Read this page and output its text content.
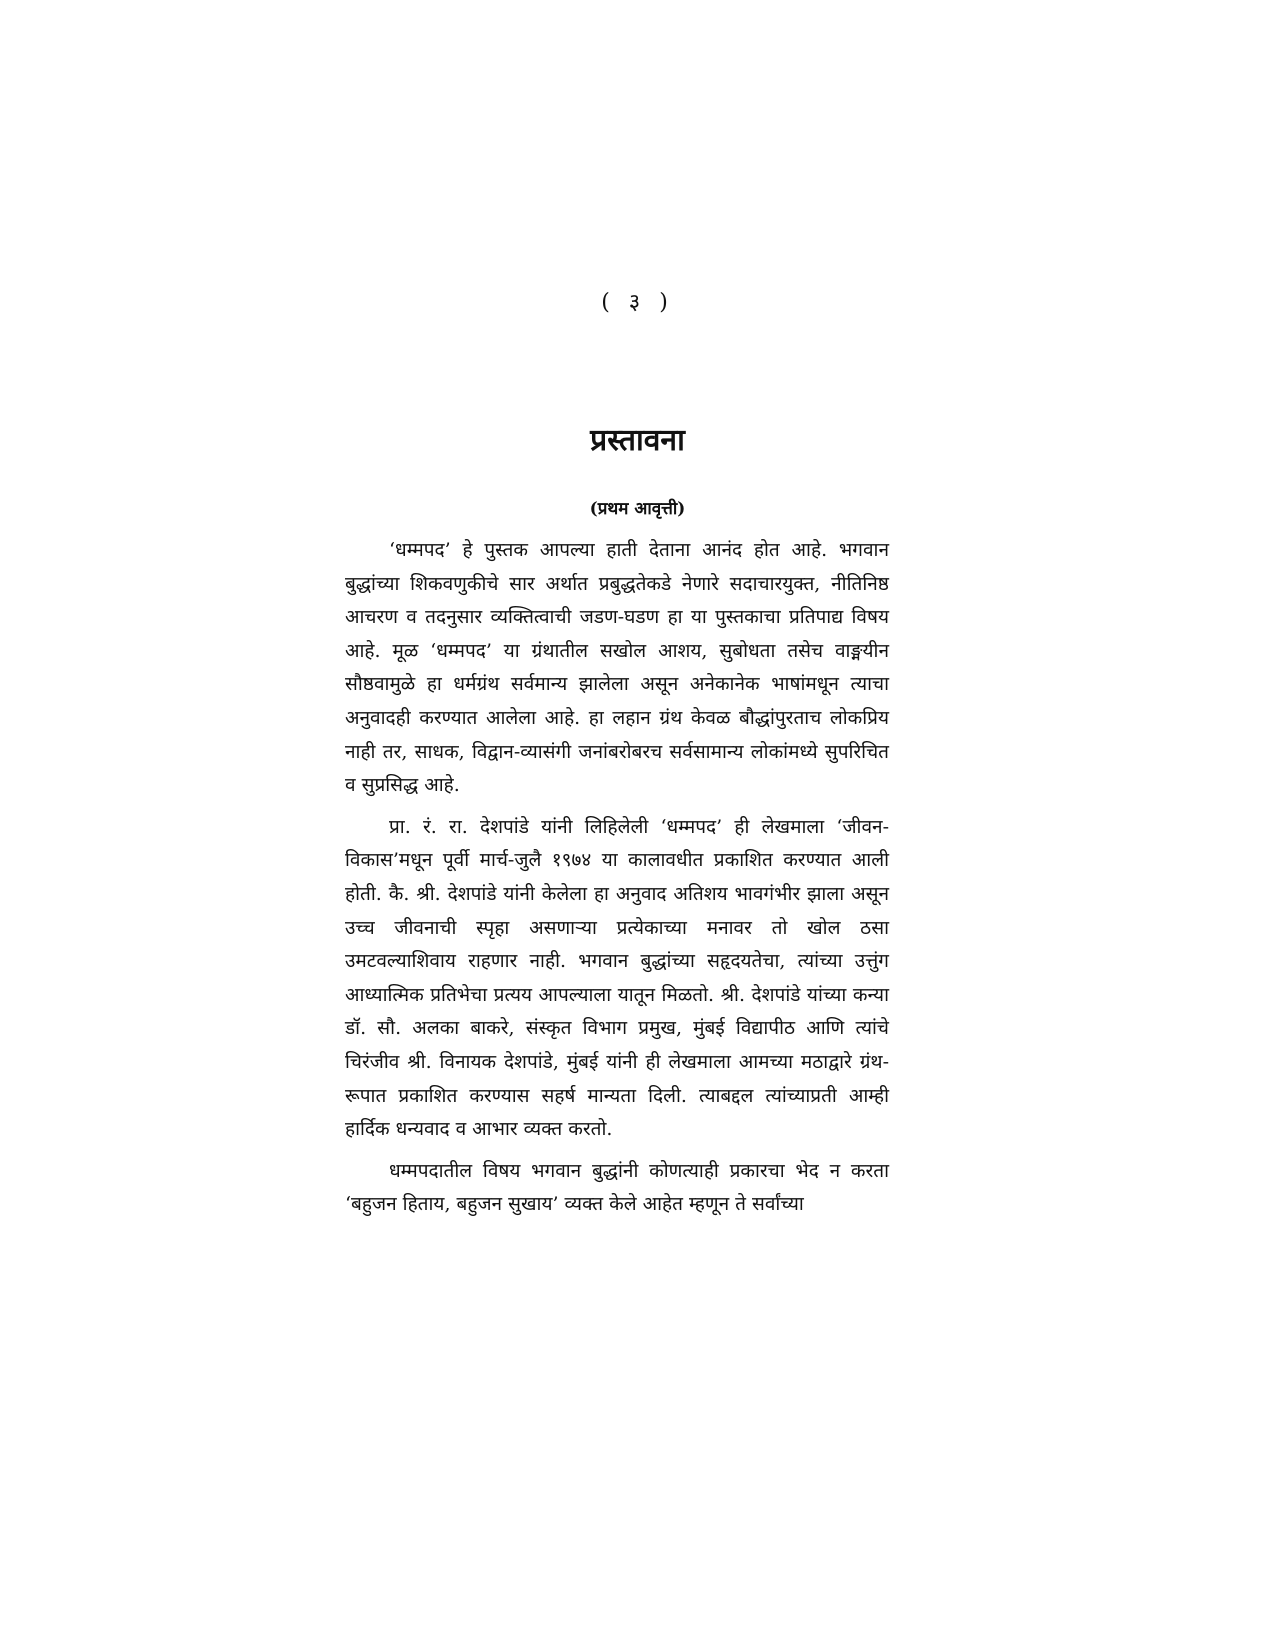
( ३ )
प्रस्तावना
(प्रथम आवृत्ती)

‘धम्मपद’ हे पुस्तक आपल्या हाती देताना आनंद होत आहे. भगवान बुद्धांच्या शिकवणुकीचे सार अर्थात प्रबुद्धतेकडे नेणारे सदाचारयुक्त, नीतिनिष्ठ आचरण व तदनुसार व्यक्तित्वाची जडण-घडण हा या पुस्तकाचा प्रतिपाद्य विषय आहे. मूळ ‘धम्मपद’ या ग्रंथातील सखोल आशय, सुबोधता तसेच वाङ्मयीन सौष्ठवामुळे हा धर्मग्रंथ सर्वमान्य झालेला असून अनेकानेक भाषांमधून त्याचा अनुवादही करण्यात आलेला आहे. हा लहान ग्रंथ केवळ बौद्धांपुरताच लोकप्रिय नाही तर, साधक, विद्वान-व्यासंगी जनांबरोबरच सर्वसामान्य लोकांमध्ये सुपरिचित व सुप्रसिद्ध आहे.

प्रा. रं. रा. देशपांडे यांनी लिहिलेली ‘धम्मपद’ ही लेखमाला ‘जीवन-विकास’मधून पूर्वी मार्च-जुलै १९७४ या कालावधीत प्रकाशित करण्यात आली होती. कै. श्री. देशपांडे यांनी केलेला हा अनुवाद अतिशय भावगंभीर झाला असून उच्च जीवनाची स्पृहा असणाऱ्या प्रत्येकाच्या मनावर तो खोल ठसा उमटवल्याशिवाय राहणार नाही. भगवान बुद्धांच्या सहृदयतेचा, त्यांच्या उत्तुंग आध्यात्मिक प्रतिभेचा प्रत्यय आपल्याला यातून मिळतो. श्री. देशपांडे यांच्या कन्या डॉ. सौ. अलका बाकरे, संस्कृत विभाग प्रमुख, मुंबई विद्यापीठ आणि त्यांचे चिरंजीव श्री. विनायक देशपांडे, मुंबई यांनी ही लेखमाला आमच्या मठाद्वारे ग्रंथ-रूपात प्रकाशित करण्यास सहर्ष मान्यता दिली. त्याबद्दल त्यांच्याप्रती आम्ही हार्दिक धन्यवाद व आभार व्यक्त करतो.

धम्मपदातील विषय भगवान बुद्धांनी कोणत्याही प्रकारचा भेद न करता ‘बहुजन हिताय, बहुजन सुखाय’ व्यक्त केले आहेत म्हणून ते सर्वांच्या
